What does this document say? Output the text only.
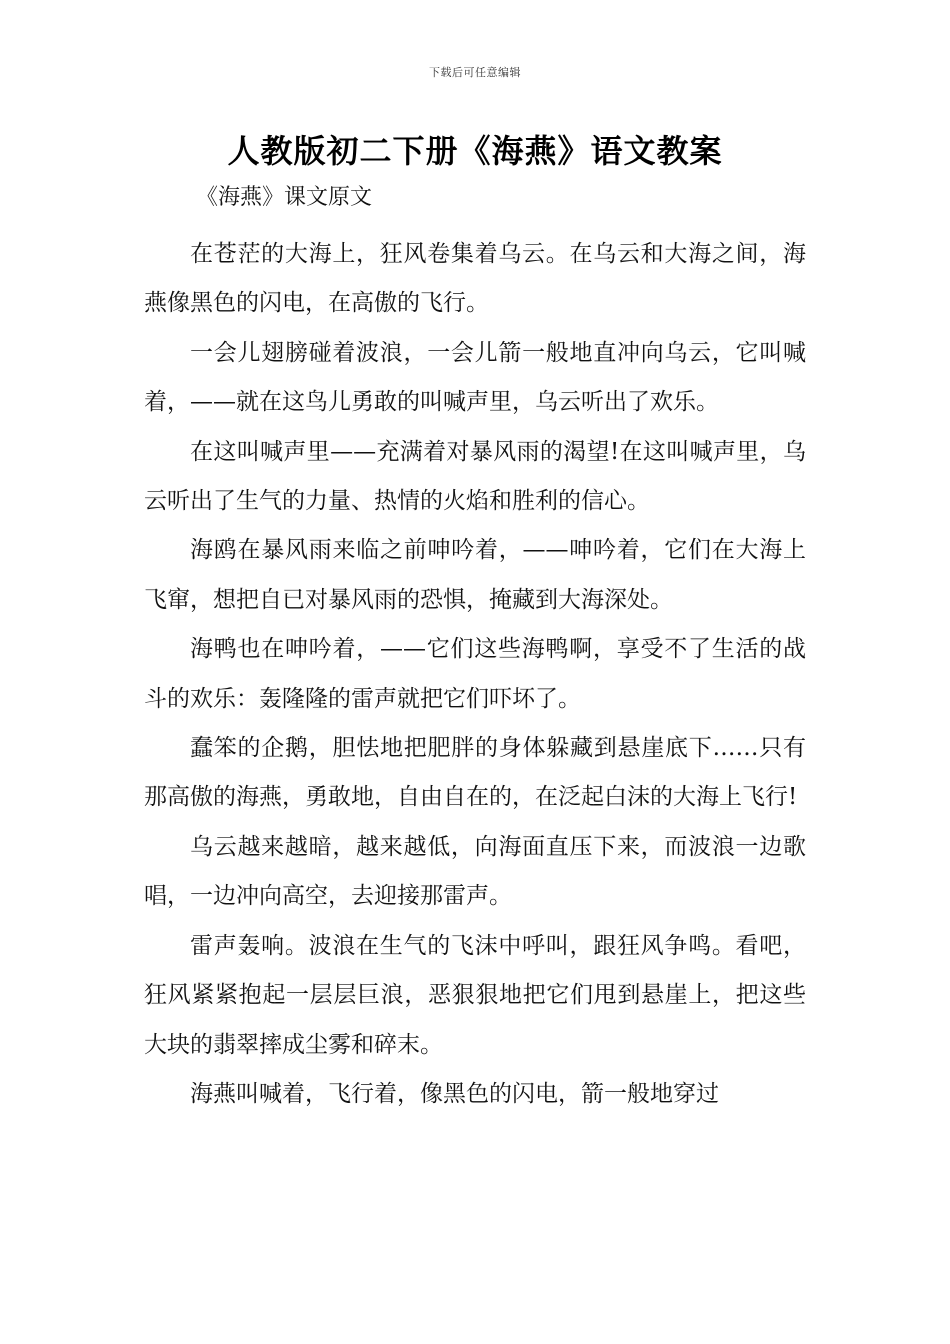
下载后可任意编辑
人教版初二下册《海燕》语文教案
《海燕》课文原文

在苍茫的大海上，狂风卷集着乌云。在乌云和大海之间，海燕像黑色的闪电，在高傲的飞行。

一会儿翅膀碰着波浪，一会儿箭一般地直冲向乌云，它叫喊着，——就在这鸟儿勇敢的叫喊声里，乌云听出了欢乐。

在这叫喊声里——充满着对暴风雨的渴望!在这叫喊声里，乌云听出了生气的力量、热情的火焰和胜利的信心。

海鸥在暴风雨来临之前呻吟着，——呻吟着，它们在大海上飞窜，想把自已对暴风雨的恐惧，掩藏到大海深处。

海鸭也在呻吟着，——它们这些海鸭啊，享受不了生活的战斗的欢乐：轰隆隆的雷声就把它们吓坏了。

蠢笨的企鹅，胆怯地把肥胖的身体躲藏到悬崖底下……只有那高傲的海燕，勇敢地，自由自在的，在泛起白沫的大海上飞行!

乌云越来越暗，越来越低，向海面直压下来，而波浪一边歌唱，一边冲向高空，去迎接那雷声。

雷声轰响。波浪在生气的飞沫中呼叫，跟狂风争鸣。看吧，狂风紧紧抱起一层层巨浪，恶狠狠地把它们甩到悬崖上，把这些大块的翡翠摔成尘雾和碎末。

海燕叫喊着，飞行着，像黑色的闪电，箭一般地穿过
